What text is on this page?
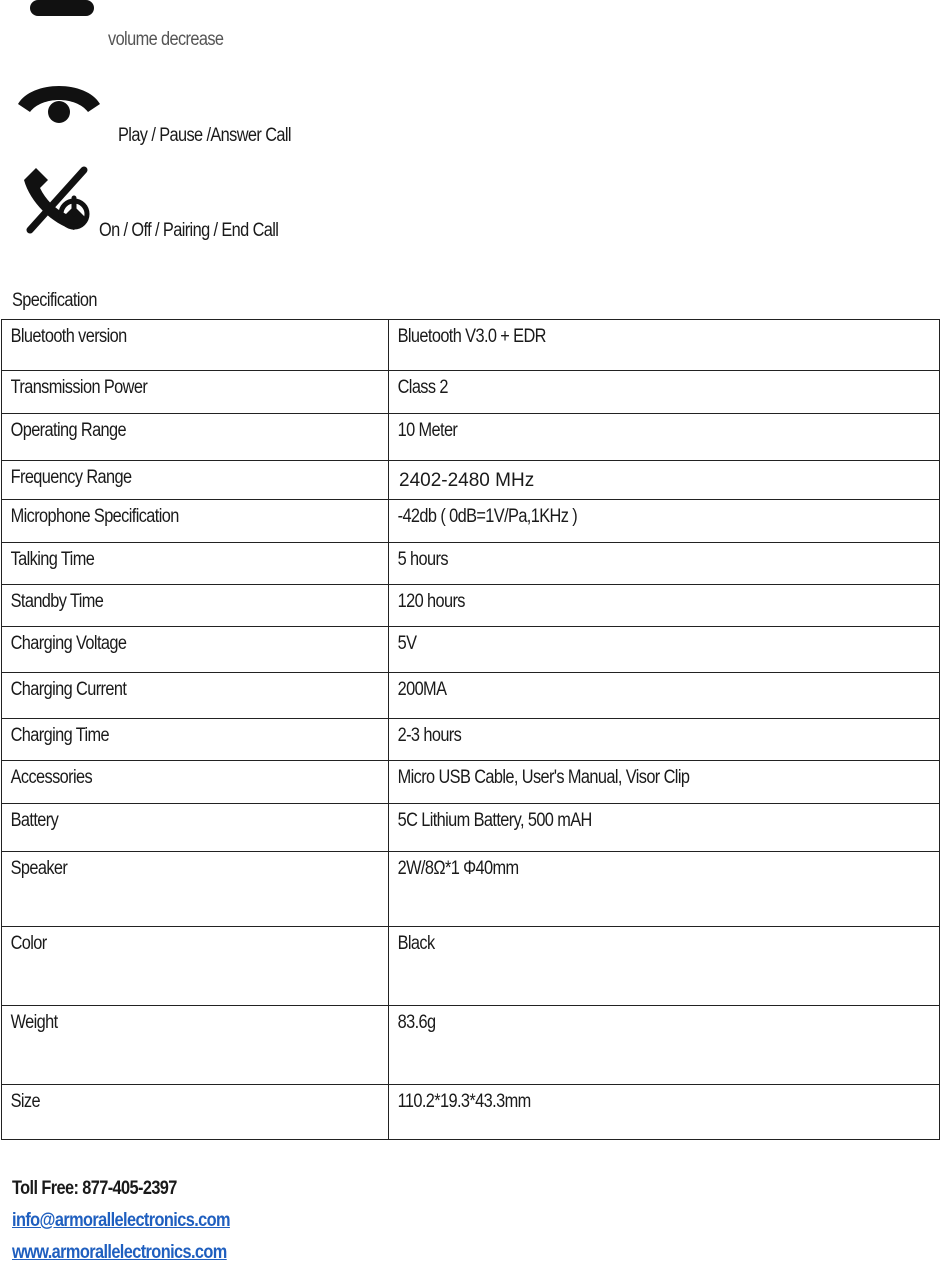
volume decrease
Play / Pause /Answer Call
On / Off / Pairing / End Call
Specification
Bluetooth version	Bluetooth V3.0 + EDR
Transmission Power	Class 2
Operating Range	10 Meter
Frequency Range	2402-2480 MHz
Microphone Specification	-42db ( 0dB=1V/Pa,1KHz )
Talking Time	5 hours
Standby Time	120 hours
Charging Voltage	5V
Charging Current	200MA
Charging Time	2-3 hours
Accessories	Micro USB Cable, User's Manual, Visor Clip
Battery	5C Lithium Battery, 500 mAH
Speaker	2W/8Ω*1 Φ40mm
Color	Black
Weight	83.6g
Size	110.2*19.3*43.3mm
Toll Free: 877-405-2397
info@armorallelectronics.com
www.armorallelectronics.com
